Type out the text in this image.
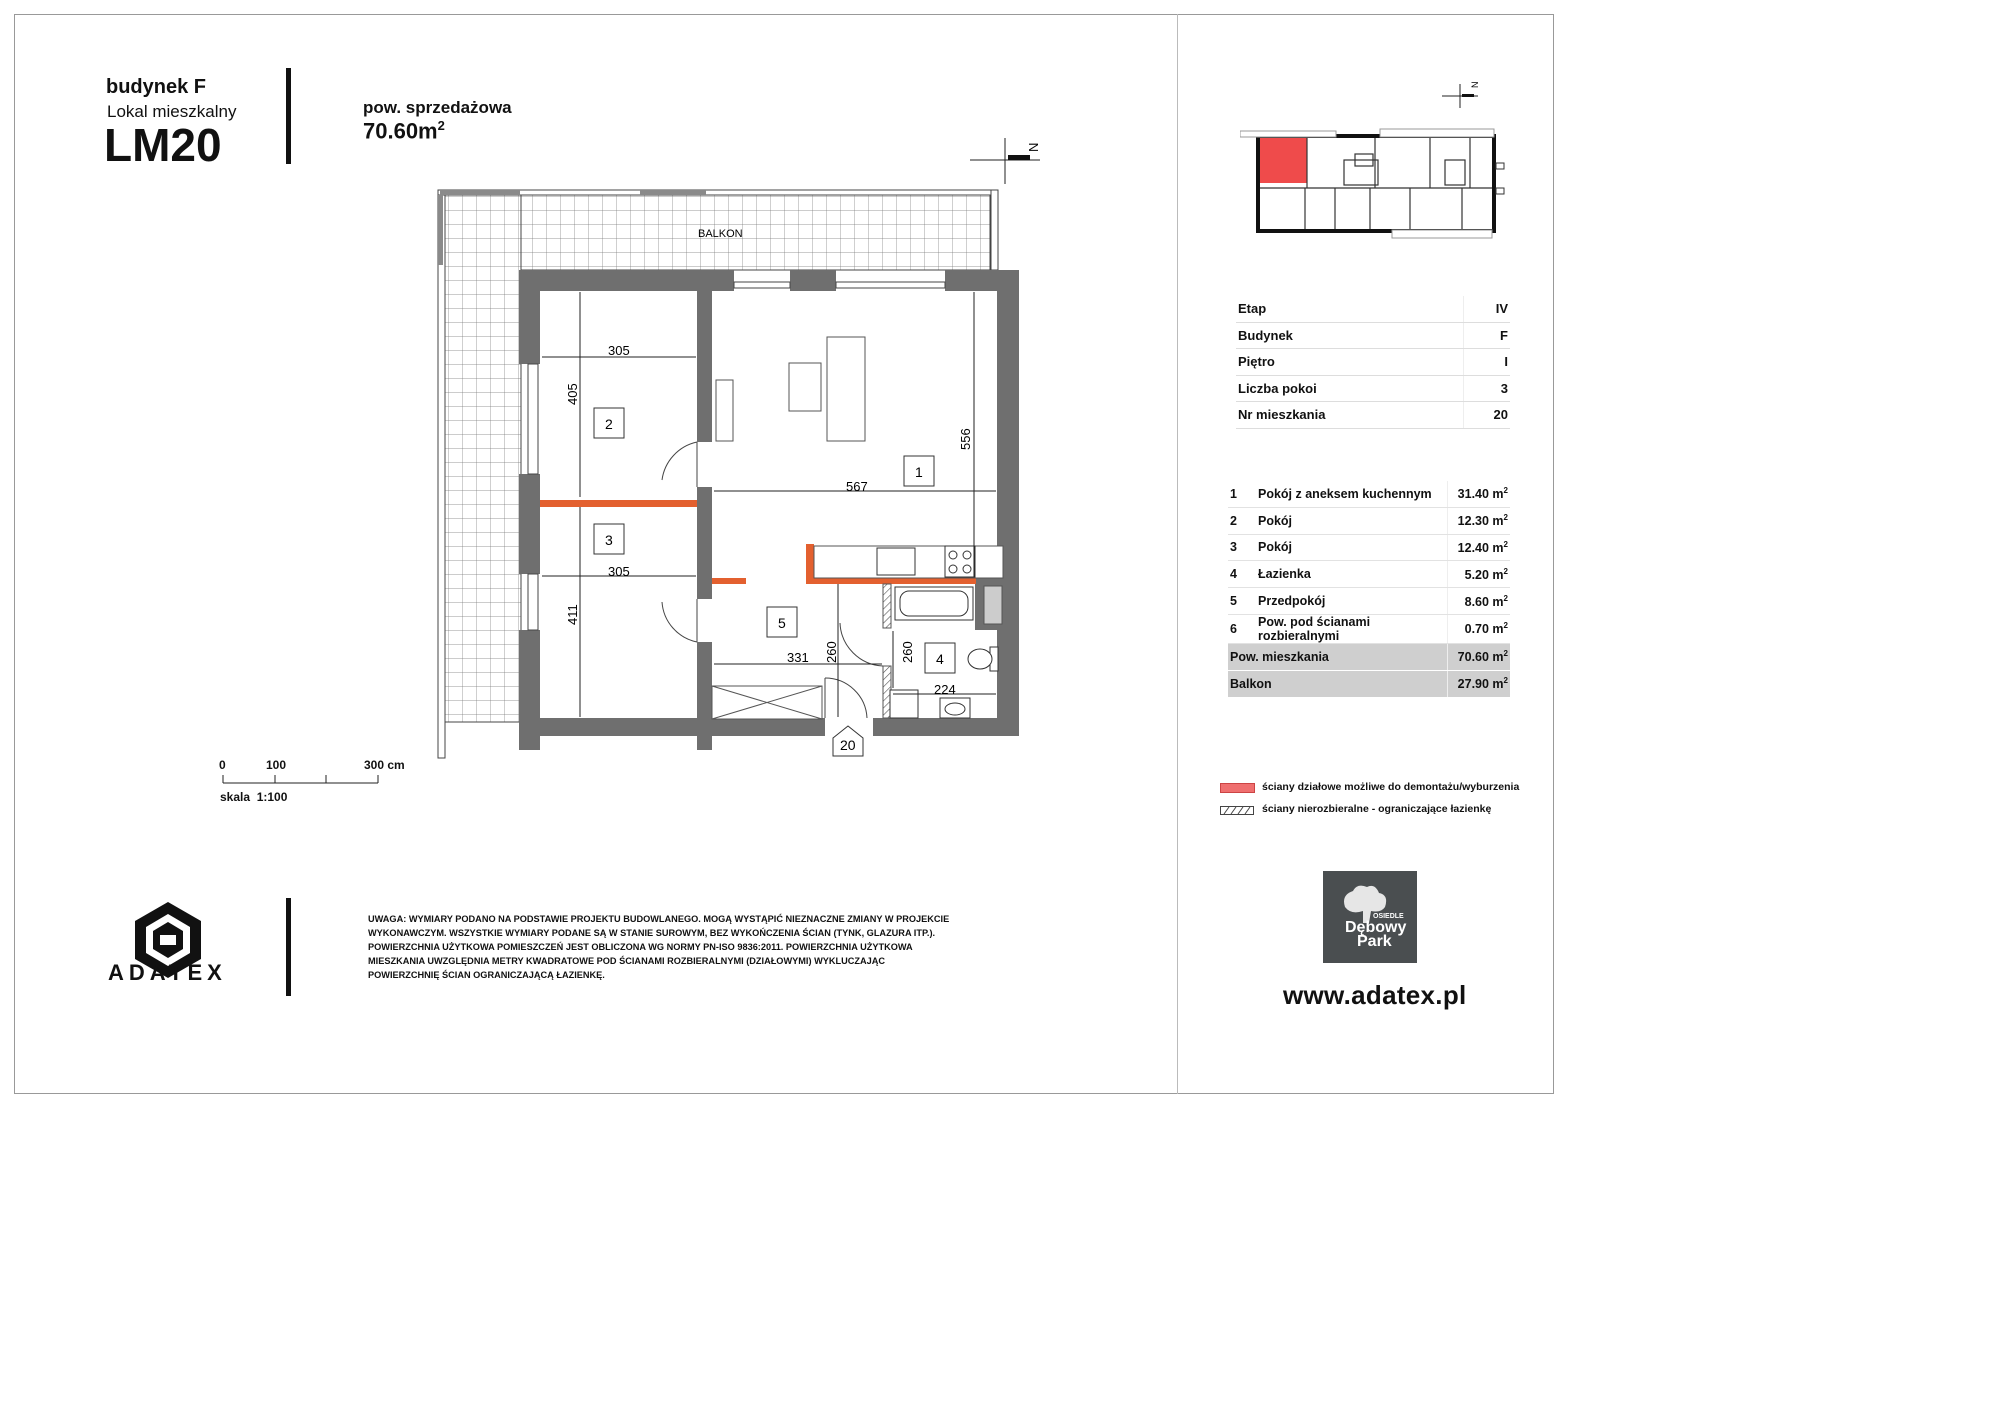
budynek F
Lokal mieszkalny
LM20
pow. sprzedażowa
$70.60m^2$
N
BALKON
20
305
405
556
567
305
411
331 260	260
224
1
2
3
4
5
0	100	300 cm
skala  1:100
ADATEX
UWAGA: WYMIARY PODANO NA PODSTAWIE PROJEKTU BUDOWLANEGO. MOGĄ WYSTĄPIĆ NIEZNACZNE ZMIANY W PROJEKCIE WYKONAWCZYM. WSZYSTKIE WYMIARY PODANE SĄ W STANIE SUROWYM, BEZ WYKOŃCZENIA ŚCIAN (TYNK, GLAZURA ITP.). POWIERZCHNIA UŻYTKOWA POMIESZCZEŃ JEST OBLICZONA WG NORMY PN-ISO 9836:2011. POWIERZCHNIA UŻYTKOWA MIESZKANIA UWZGLĘDNIA METRY KWADRATOWE POD ŚCIANAMI ROZBIERALNYMI (DZIAŁOWYMI) WYKLUCZAJĄC POWIERZCHNIĘ ŚCIAN OGRANICZAJĄCĄ ŁAZIENKĘ.
N
Etap	IV
Budynek	F
Piętro	I
Liczba pokoi	3
Nr mieszkania	20
1	Pokój z aneksem kuchennym	31.40 $m^2$
2	Pokój	12.30 $m^2$
3	Pokój	12.40 $m^2$
4	Łazienka	5.20 $m^2$
5	Przedpokój	8.60 $m^2$
6	Pow. pod ścianami rozbieralnymi	0.70 $m^2$
Pow. mieszkania		70.60 $m^2$
Balkon		27.90 $m^2$
ściany działowe możliwe do demontażu/wyburzenia
ściany nierozbieralne - ograniczające łazienkę
OSIEDLE
Dębowy
Park
www.adatex.pl
